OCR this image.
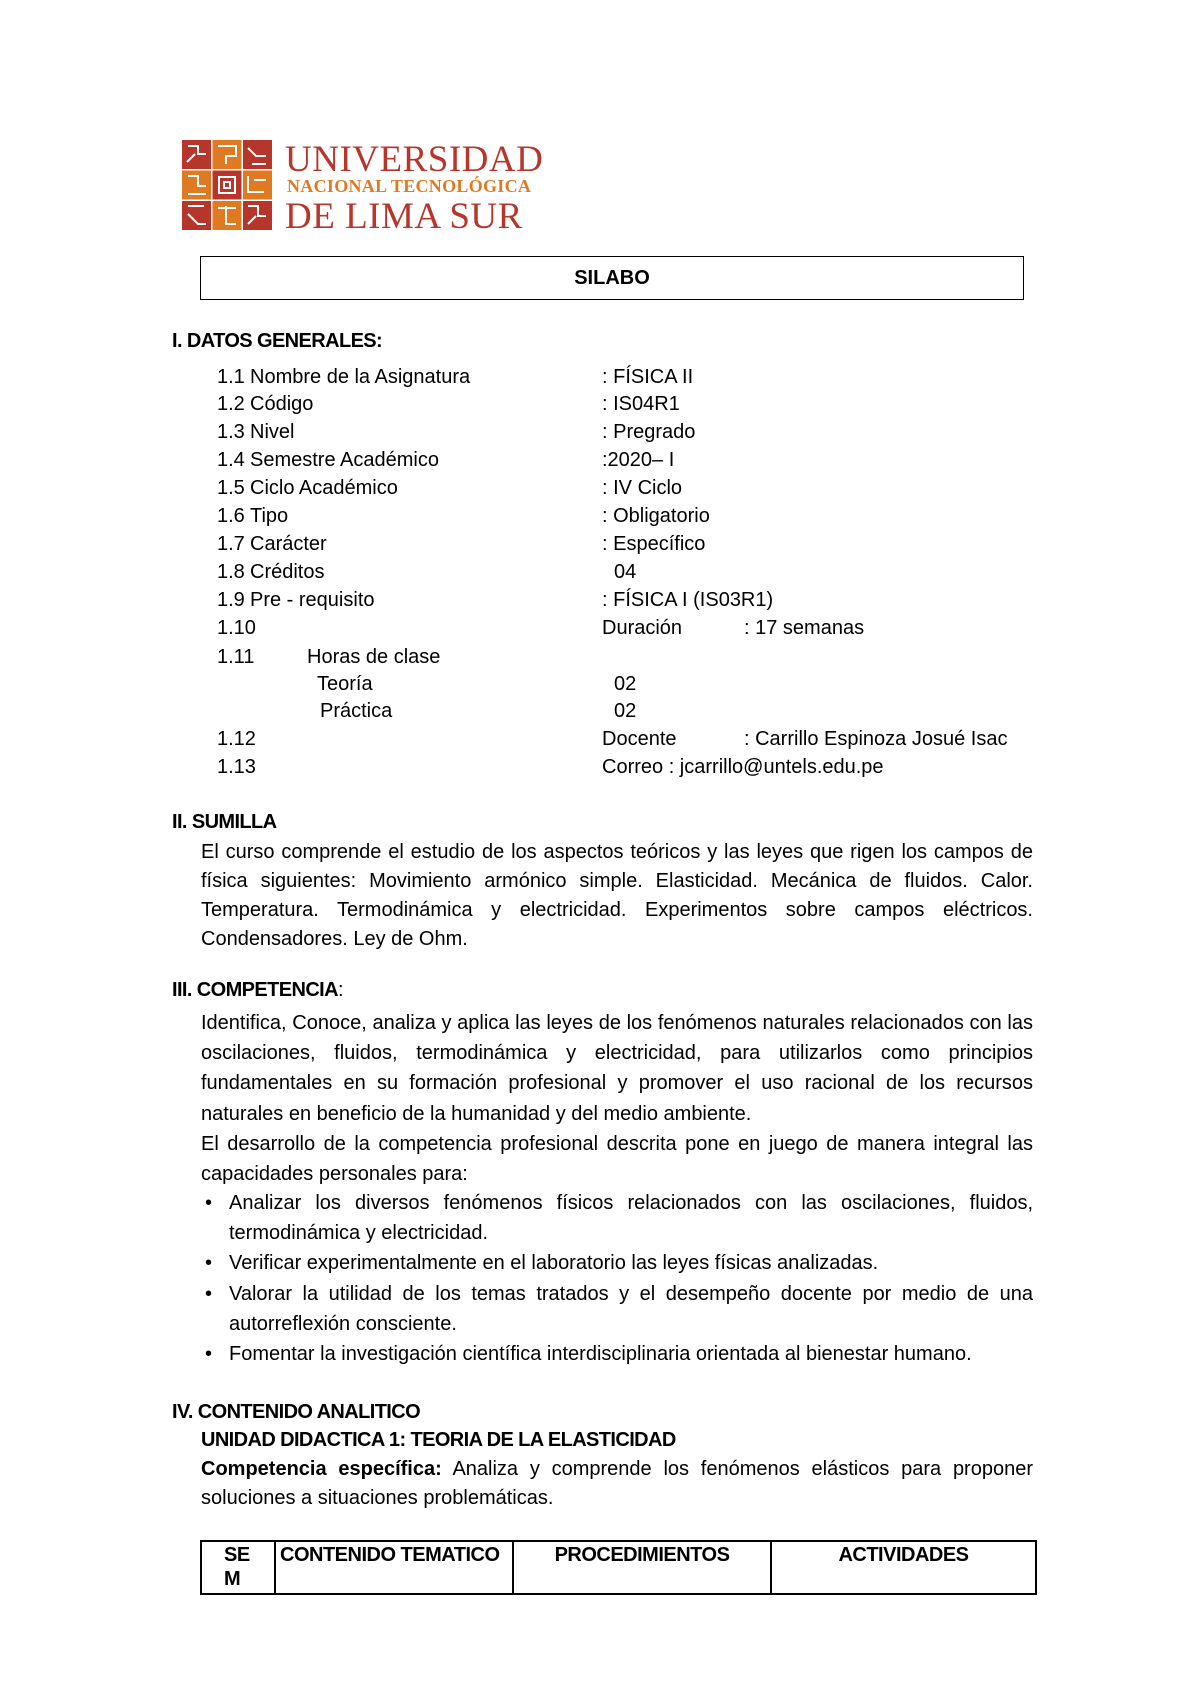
UNIVERSIDAD
NACIONAL TECNOLÓGICA
DE LIMA SUR
SILABO
I. DATOS GENERALES:
1.1 Nombre de la Asignatura	: FÍSICA II
1.2 Código	: IS04R1
1.3 Nivel	: Pregrado
1.4 Semestre Académico	:2020– I
1.5 Ciclo Académico	: IV Ciclo
1.6 Tipo	: Obligatorio
1.7 Carácter	: Específico
1.8 Créditos	04
1.9 Pre - requisito	: FÍSICA I (IS03R1)
1.10	Duración	: 17 semanas
1.11	Horas de clase
Teoría	02
Práctica	02
1.12	Docente	: Carrillo Espinoza Josué Isac
1.13	Correo : jcarrillo@untels.edu.pe
II. SUMILLA
El curso comprende el estudio de los aspectos teóricos y las leyes que rigen los campos de física siguientes: Movimiento armónico simple. Elasticidad. Mecánica de fluidos. Calor. Temperatura. Termodinámica y electricidad. Experimentos sobre campos eléctricos. Condensadores. Ley de Ohm.
III. COMPETENCIA:
Identifica, Conoce, analiza y aplica las leyes de los fenómenos naturales relacionados con las oscilaciones, fluidos, termodinámica y electricidad, para utilizarlos como principios fundamentales en su formación profesional y promover el uso racional de los recursos naturales en beneficio de la humanidad y del medio ambiente.
El desarrollo de la competencia profesional descrita pone en juego de manera integral las capacidades personales para:
• Analizar los diversos fenómenos físicos relacionados con las oscilaciones, fluidos, termodinámica y electricidad.
• Verificar experimentalmente en el laboratorio las leyes físicas analizadas.
• Valorar la utilidad de los temas tratados y el desempeño docente por medio de una autorreflexión consciente.
• Fomentar la investigación científica interdisciplinaria orientada al bienestar humano.
IV. CONTENIDO ANALITICO
UNIDAD DIDACTICA 1: TEORIA DE LA ELASTICIDAD
Competencia específica: Analiza y comprende los fenómenos elásticos para proponer soluciones a situaciones problemáticas.
SE M	CONTENIDO TEMATICO	PROCEDIMIENTOS	ACTIVIDADES
